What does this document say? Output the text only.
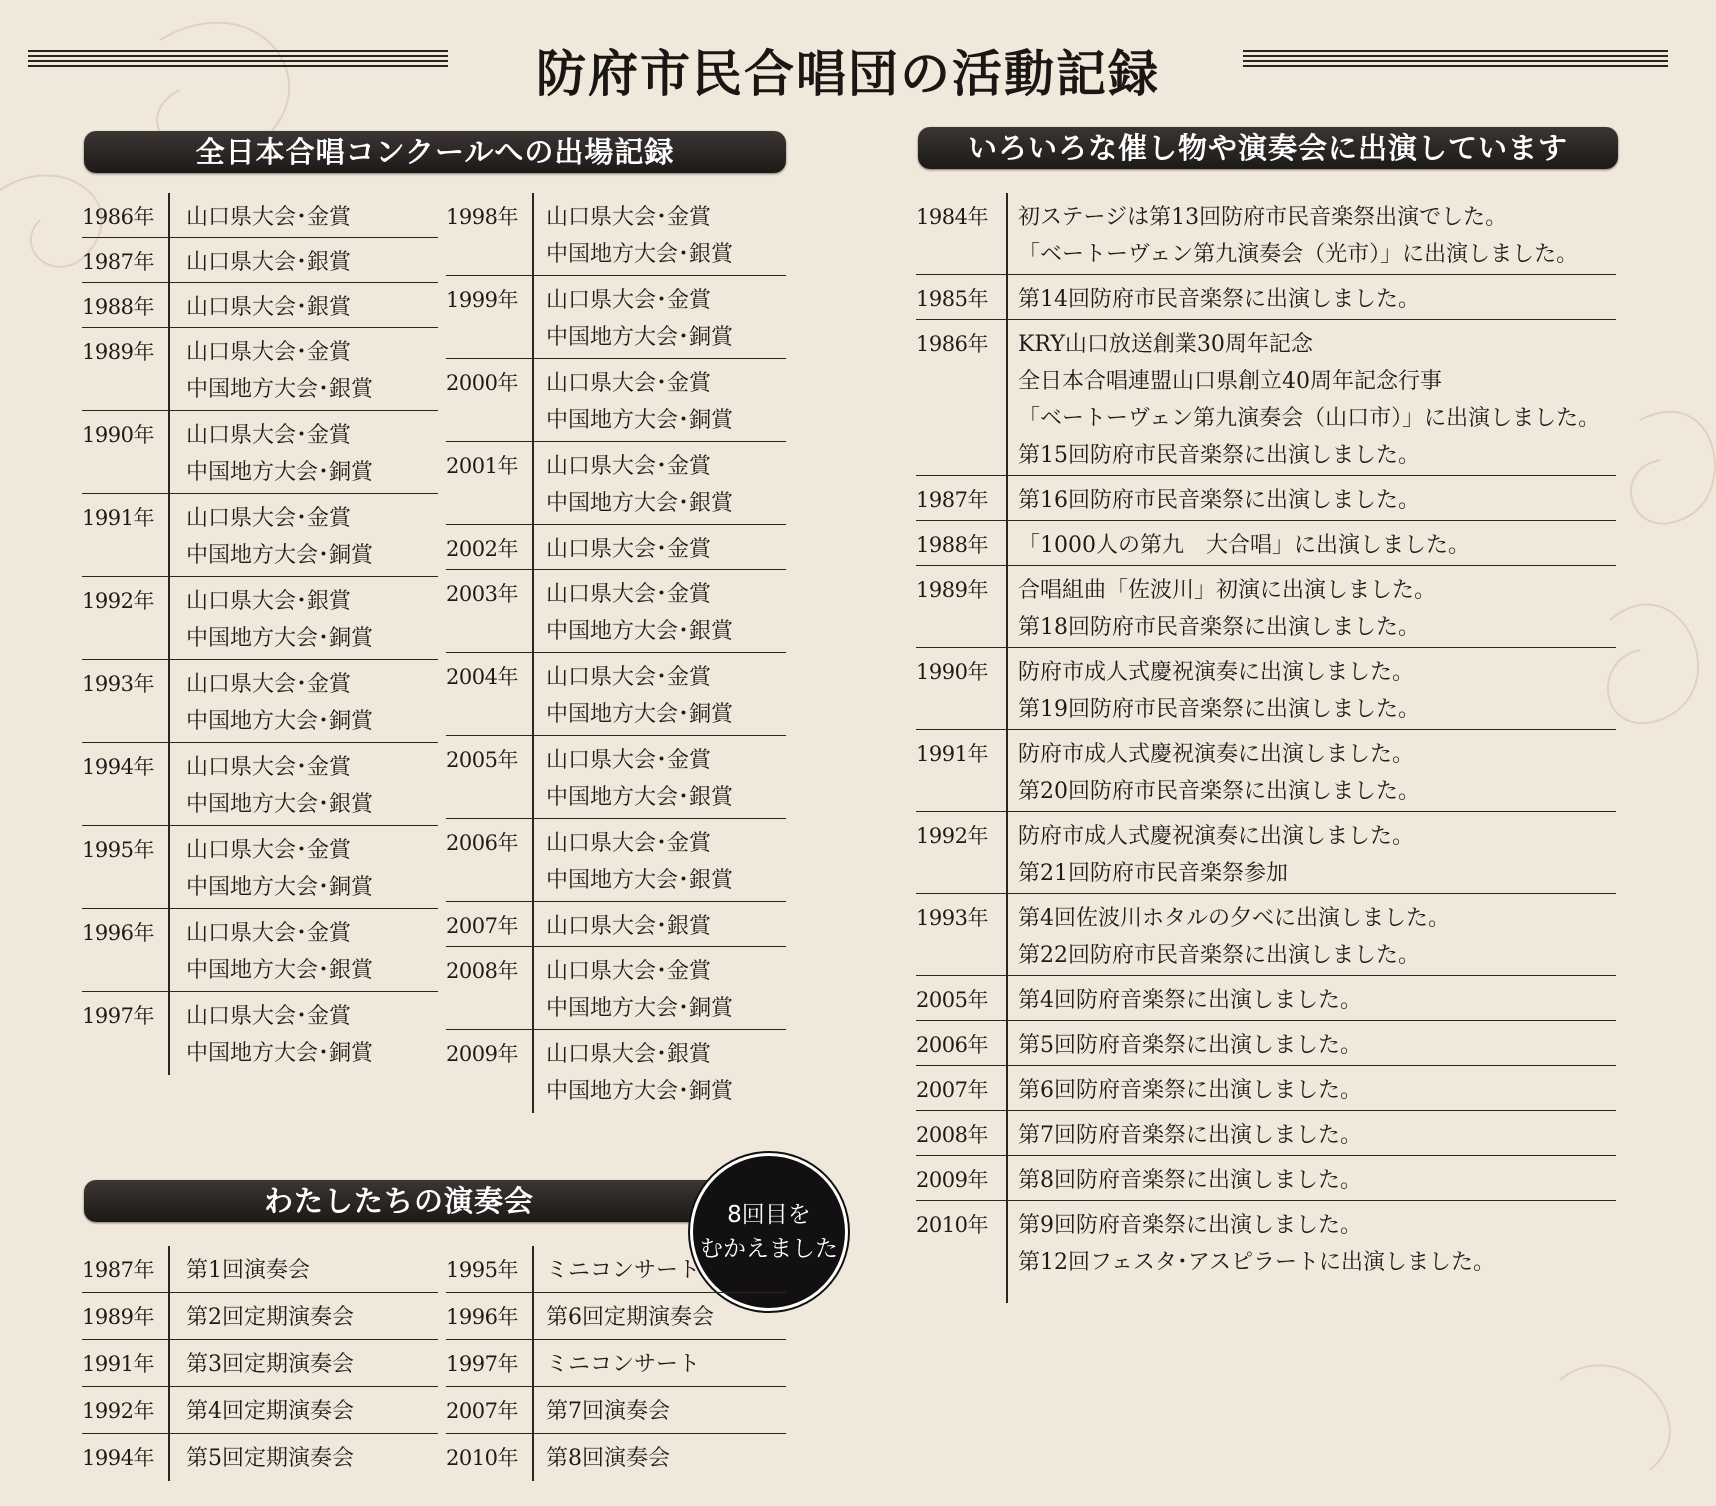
防府市民合唱団の活動記録
全日本合唱コンクールへの出場記録	いろいろな催し物や演奏会に出演しています
わたしたちの演奏会	8回目を
むかえました
1986年 山口県大会･金賞
1987年 山口県大会･銀賞
1988年 山口県大会･銀賞
1989年 山口県大会･金賞
中国地方大会･銀賞
1990年 山口県大会･金賞
中国地方大会･銅賞
1991年 山口県大会･金賞
中国地方大会･銅賞
1992年 山口県大会･銀賞
中国地方大会･銅賞
1993年 山口県大会･金賞
中国地方大会･銅賞
1994年 山口県大会･金賞
中国地方大会･銀賞
1995年 山口県大会･金賞
中国地方大会･銅賞
1996年 山口県大会･金賞
中国地方大会･銀賞
1997年 山口県大会･金賞
中国地方大会･銅賞
1998年 山口県大会･金賞
中国地方大会･銀賞
1999年 山口県大会･金賞
中国地方大会･銅賞
2000年 山口県大会･金賞
中国地方大会･銅賞
2001年 山口県大会･金賞
中国地方大会･銀賞
2002年 山口県大会･金賞
2003年 山口県大会･金賞
中国地方大会･銀賞
2004年 山口県大会･金賞
中国地方大会･銅賞
2005年 山口県大会･金賞
中国地方大会･銀賞
2006年 山口県大会･金賞
中国地方大会･銀賞
2007年 山口県大会･銀賞
2008年 山口県大会･金賞
中国地方大会･銅賞
2009年 山口県大会･銀賞
中国地方大会･銅賞
1987年 第1回演奏会
1989年 第2回定期演奏会
1991年 第3回定期演奏会
1992年 第4回定期演奏会
1994年 第5回定期演奏会
1995年 ミニコンサート
1996年 第6回定期演奏会
1997年 ミニコンサート
2007年 第7回演奏会
2010年 第8回演奏会
1984年 初ステージは第13回防府市民音楽祭出演でした。
「ベートーヴェン第九演奏会（光市）」に出演しました。
1985年 第14回防府市民音楽祭に出演しました。
1986年 KRY山口放送創業30周年記念
全日本合唱連盟山口県創立40周年記念行事
「ベートーヴェン第九演奏会（山口市）」に出演しました。
第15回防府市民音楽祭に出演しました。
1987年 第16回防府市民音楽祭に出演しました。
1988年 「1000人の第九　大合唱」に出演しました。
1989年 合唱組曲「佐波川」初演に出演しました。
第18回防府市民音楽祭に出演しました。
1990年 防府市成人式慶祝演奏に出演しました。
第19回防府市民音楽祭に出演しました。
1991年 防府市成人式慶祝演奏に出演しました。
第20回防府市民音楽祭に出演しました。
1992年 防府市成人式慶祝演奏に出演しました。
第21回防府市民音楽祭参加
1993年 第4回佐波川ホタルの夕べに出演しました。
第22回防府市民音楽祭に出演しました。
2005年 第4回防府音楽祭に出演しました。
2006年 第5回防府音楽祭に出演しました。
2007年 第6回防府音楽祭に出演しました。
2008年 第7回防府音楽祭に出演しました。
2009年 第8回防府音楽祭に出演しました。
2010年 第9回防府音楽祭に出演しました。
第12回フェスタ･アスピラートに出演しました。
